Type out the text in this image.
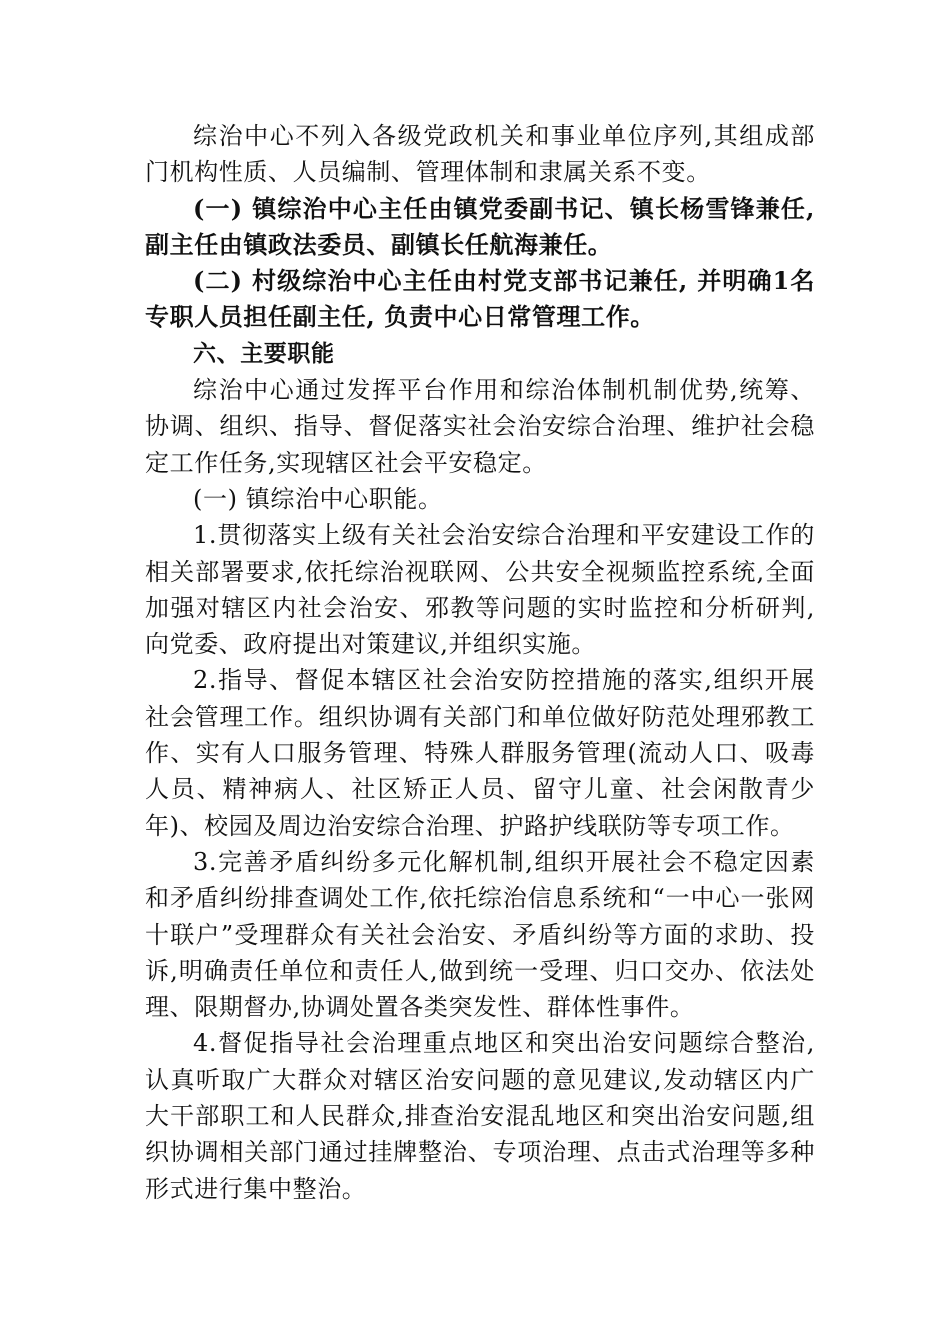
综治中心不列入各级党政机关和事业单位序列,其组成部门机构性质、人员编制、管理体制和隶属关系不变。

(一) 镇综治中心主任由镇党委副书记、镇长杨雪锋兼任, 副主任由镇政法委员、副镇长任航海兼任。

(二) 村级综治中心主任由村党支部书记兼任, 并明确1名专职人员担任副主任, 负责中心日常管理工作。

六、主要职能

综治中心通过发挥平台作用和综治体制机制优势,统筹、协调、组织、指导、督促落实社会治安综合治理、维护社会稳定工作任务,实现辖区社会平安稳定。

(一) 镇综治中心职能。

1.贯彻落实上级有关社会治安综合治理和平安建设工作的相关部署要求,依托综治视联网、公共安全视频监控系统,全面加强对辖区内社会治安、邪教等问题的实时监控和分析研判,向党委、政府提出对策建议,并组织实施。

2.指导、督促本辖区社会治安防控措施的落实,组织开展社会管理工作。组织协调有关部门和单位做好防范处理邪教工作、实有人口服务管理、特殊人群服务管理(流动人口、吸毒人员、精神病人、社区矫正人员、留守儿童、社会闲散青少年)、校园及周边治安综合治理、护路护线联防等专项工作。

3.完善矛盾纠纷多元化解机制,组织开展社会不稳定因素和矛盾纠纷排查调处工作,依托综治信息系统和“一中心一张网十联户”受理群众有关社会治安、矛盾纠纷等方面的求助、投诉,明确责任单位和责任人,做到统一受理、归口交办、依法处理、限期督办,协调处置各类突发性、群体性事件。

4.督促指导社会治理重点地区和突出治安问题综合整治,认真听取广大群众对辖区治安问题的意见建议,发动辖区内广大干部职工和人民群众,排查治安混乱地区和突出治安问题,组织协调相关部门通过挂牌整治、专项治理、点击式治理等多种形式进行集中整治。
